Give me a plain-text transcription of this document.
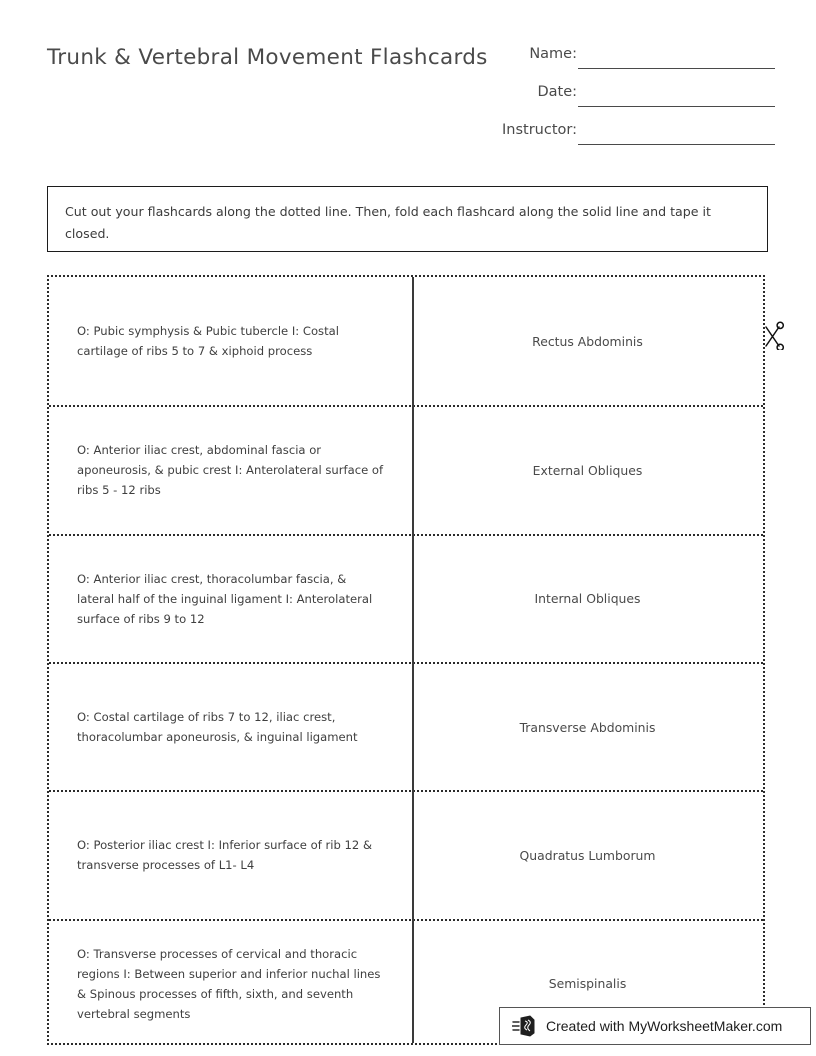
Trunk & Vertebral Movement Flashcards	Name:
Date:
Instructor:
Cut out your flashcards along the dotted line. Then, fold each flashcard along the solid line and tape it closed.
O: Pubic symphysis & Pubic tubercle I: Costal cartilage of ribs 5 to 7 & xiphoid process
Rectus Abdominis
O: Anterior iliac crest, abdominal fascia or aponeurosis, & pubic crest I: Anterolateral surface of ribs 5 - 12 ribs
External Obliques
O: Anterior iliac crest, thoracolumbar fascia, & lateral half of the inguinal ligament I: Anterolateral surface of ribs 9 to 12
Internal Obliques
O: Costal cartilage of ribs 7 to 12, iliac crest, thoracolumbar aponeurosis, & inguinal ligament
Transverse Abdominis
O: Posterior iliac crest I: Inferior surface of rib 12 & transverse processes of L1- L4
Quadratus Lumborum
O: Transverse processes of cervical and thoracic regions I: Between superior and inferior nuchal lines & Spinous processes of fifth, sixth, and seventh vertebral segments
Semispinalis
Created with MyWorksheetMaker.com
